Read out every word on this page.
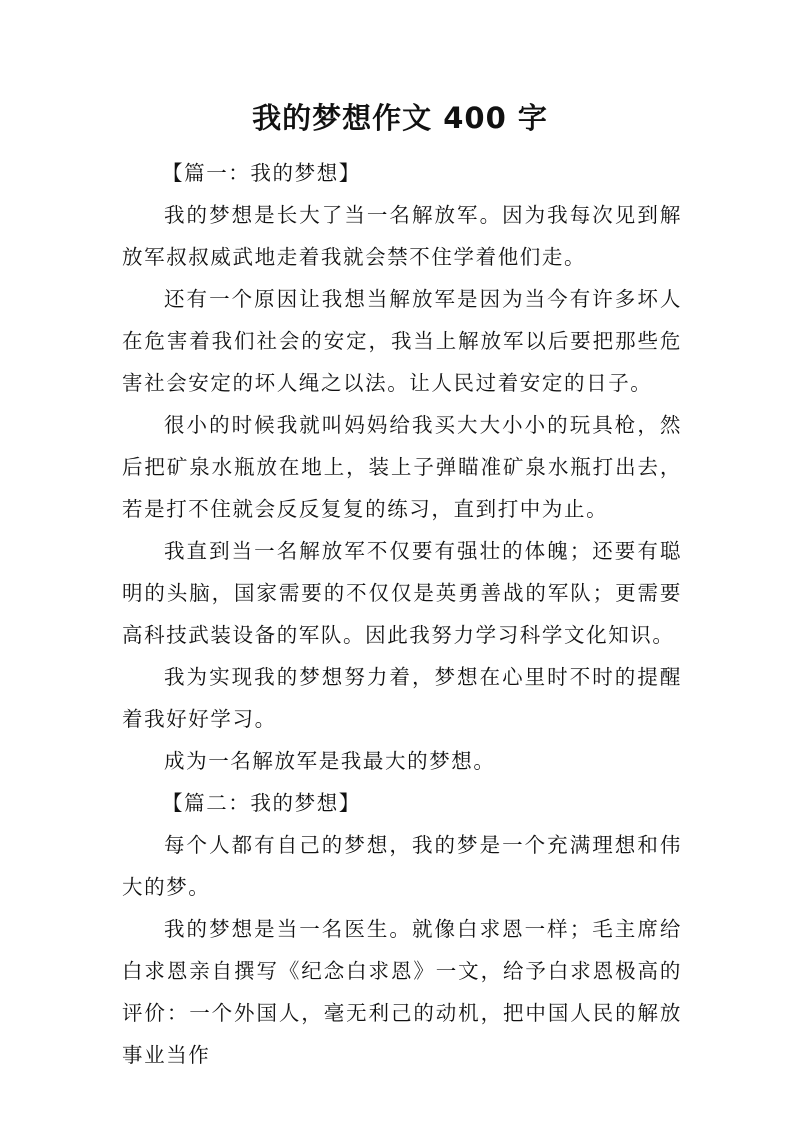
我的梦想作文 400 字

【篇一：我的梦想】

我的梦想是长大了当一名解放军。因为我每次见到解放军叔叔威武地走着我就会禁不住学着他们走。

还有一个原因让我想当解放军是因为当今有许多坏人在危害着我们社会的安定，我当上解放军以后要把那些危害社会安定的坏人绳之以法。让人民过着安定的日子。

很小的时候我就叫妈妈给我买大大小小的玩具枪，然后把矿泉水瓶放在地上，装上子弹瞄准矿泉水瓶打出去，若是打不住就会反反复复的练习，直到打中为止。

我直到当一名解放军不仅要有强壮的体魄；还要有聪明的头脑，国家需要的不仅仅是英勇善战的军队；更需要高科技武装设备的军队。因此我努力学习科学文化知识。

我为实现我的梦想努力着，梦想在心里时不时的提醒着我好好学习。

成为一名解放军是我最大的梦想。

【篇二：我的梦想】

每个人都有自己的梦想，我的梦是一个充满理想和伟大的梦。

我的梦想是当一名医生。就像白求恩一样；毛主席给白求恩亲自撰写《纪念白求恩》一文，给予白求恩极高的评价：一个外国人，毫无利己的动机，把中国人民的解放事业当作
